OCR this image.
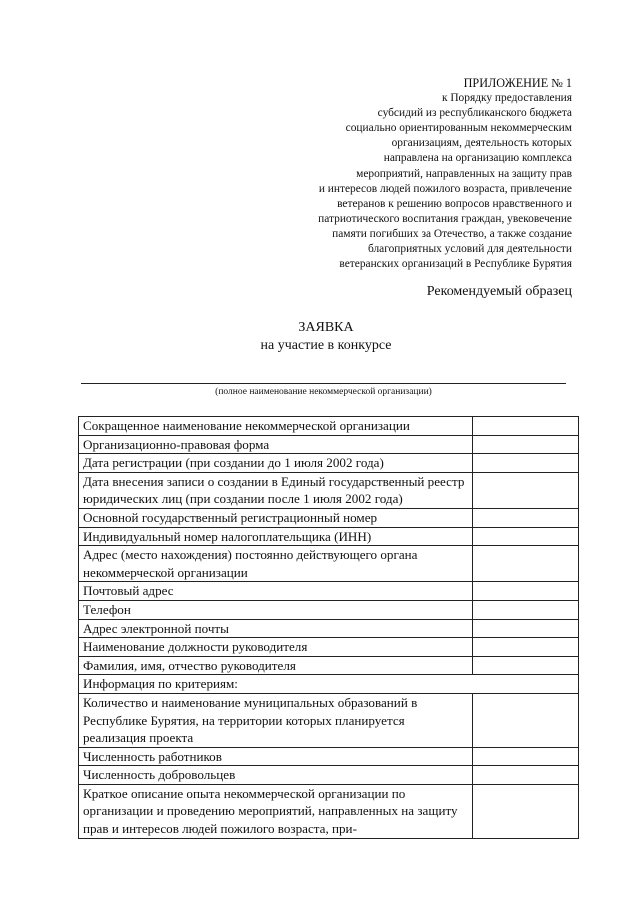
ПРИЛОЖЕНИЕ № 1
к Порядку предоставления
субсидий из республиканского бюджета
социально ориентированным некоммерческим
организациям, деятельность которых
направлена на организацию комплекса
мероприятий, направленных на защиту прав
и интересов людей пожилого возраста, привлечение
ветеранов к решению вопросов нравственного и
патриотического воспитания граждан, увековечение
памяти погибших за Отечество, а также создание
благоприятных условий для деятельности
ветеранских организаций в Республике Бурятия
Рекомендуемый образец
ЗАЯВКА
на участие в конкурсе
(полное наименование некоммерческой организации)
Сокращенное наименование некоммерческой организации	
Организационно-правовая форма	
Дата регистрации (при создании до 1 июля 2002 года)	
Дата внесения записи о создании в Единый государственный реестр юридических лиц (при создании после 1 июля 2002 года)	
Основной государственный регистрационный номер	
Индивидуальный номер налогоплательщика (ИНН)	
Адрес (место нахождения) постоянно действующего органа некоммерческой организации	
Почтовый адрес	
Телефон	
Адрес электронной почты	
Наименование должности руководителя	
Фамилия, имя, отчество руководителя	
Информация по критериям:	
Количество и наименование муниципальных образований в Республике Бурятия, на территории которых планируется реализация проекта	
Численность работников	
Численность добровольцев	
Краткое описание опыта некоммерческой организации по организации и проведению мероприятий, направленных на защиту прав и интересов людей пожилого возраста, при-	
